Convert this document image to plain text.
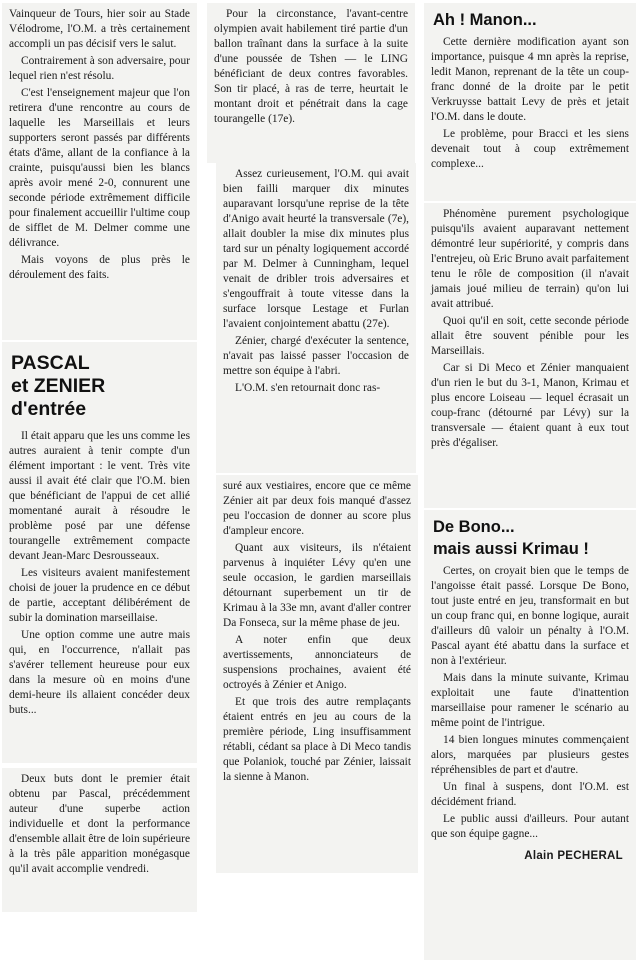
Vainqueur de Tours, hier soir au Stade Vélodrome, l'O.M. a très certainement accompli un pas décisif vers le salut.

Contrairement à son adversaire, pour lequel rien n'est résolu.

C'est l'enseignement majeur que l'on retirera d'une rencontre au cours de laquelle les Marseillais et leurs supporters seront passés par différents états d'âme, allant de la confiance à la crainte, puisqu'aussi bien les blancs après avoir mené 2-0, connurent une seconde période extrêmement difficile pour finalement accueillir l'ultime coup de sifflet de M. Delmer comme une délivrance.

Mais voyons de plus près le déroulement des faits.

PASCAL
et ZENIER
d'entrée

Il était apparu que les uns comme les autres auraient à tenir compte d'un élément important : le vent. Très vite aussi il avait été clair que l'O.M. bien que bénéficiant de l'appui de cet allié momentané aurait à résoudre le problème posé par une défense tourangelle extrêmement compacte devant Jean-Marc Desrousseaux.

Les visiteurs avaient manifestement choisi de jouer la prudence en ce début de partie, acceptant délibérément de subir la domination marseillaise.

Une option comme une autre mais qui, en l'occurrence, n'allait pas s'avérer tellement heureuse pour eux dans la mesure où en moins d'une demi-heure ils allaient concéder deux buts...

Deux buts dont le premier était obtenu par Pascal, précédemment auteur d'une superbe action individuelle et dont la performance d'ensemble allait être de loin supérieure à la très pâle apparition monégasque qu'il avait accomplie vendredi.

Pour la circonstance, l'avant-centre olympien avait habilement tiré partie d'un ballon traînant dans la surface à la suite d'une poussée de Tshen — le LING bénéficiant de deux contres favorables. Son tir placé, à ras de terre, heurtait le montant droit et pénétrait dans la cage tourangelle (17e).

Assez curieusement, l'O.M. qui avait bien failli marquer dix minutes auparavant lorsqu'une reprise de la tête d'Anigo avait heurté la transversale (7e), allait doubler la mise dix minutes plus tard sur un pénalty logiquement accordé par M. Delmer à Cunningham, lequel venait de dribler trois adversaires et s'engouffrait à toute vitesse dans la surface lorsque Lestage et Furlan l'avaient conjointement abattu (27e).

Zénier, chargé d'exécuter la sentence, n'avait pas laissé passer l'occasion de mettre son équipe à l'abri.

L'O.M. s'en retournait donc ras-

suré aux vestiaires, encore que ce même Zénier ait par deux fois manqué d'assez peu l'occasion de donner au score plus d'ampleur encore.

Quant aux visiteurs, ils n'étaient parvenus à inquiéter Lévy qu'en une seule occasion, le gardien marseillais détournant superbement un tir de Krimau à la 33e mn, avant d'aller contrer Da Fonseca, sur la même phase de jeu.

A noter enfin que deux avertissements, annonciateurs de suspensions prochaines, avaient été octroyés à Zénier et Anigo.

Et que trois des autre remplaçants étaient entrés en jeu au cours de la première période, Ling insuffisamment rétabli, cédant sa place à Di Meco tandis que Polaniok, touché par Zénier, laissait la sienne à Manon.

Ah ! Manon...

Cette dernière modification ayant son importance, puisque 4 mn après la reprise, ledit Manon, reprenant de la tête un coup-franc donné de la droite par le petit Verkruysse battait Levy de près et jetait l'O.M. dans le doute.

Le problème, pour Bracci et les siens devenait tout à coup extrêmement complexe...

Phénomène purement psychologique puisqu'ils avaient auparavant nettement démontré leur supériorité, y compris dans l'entrejeu, où Eric Bruno avait parfaitement tenu le rôle de composition (il n'avait jamais joué milieu de terrain) qu'on lui avait attribué.

Quoi qu'il en soit, cette seconde période allait être souvent pénible pour les Marseillais.

Car si Di Meco et Zénier manquaient d'un rien le but du 3-1, Manon, Krimau et plus encore Loiseau — lequel écrasait un coup-franc (détourné par Lévy) sur la transversale — étaient quant à eux tout près d'égaliser.

De Bono...
mais aussi Krimau !

Certes, on croyait bien que le temps de l'angoisse était passé. Lorsque De Bono, tout juste entré en jeu, transformait en but un coup franc qui, en bonne logique, aurait d'ailleurs dû valoir un pénalty à l'O.M. Pascal ayant été abattu dans la surface et non à l'extérieur.

Mais dans la minute suivante, Krimau exploitait une faute d'inattention marseillaise pour ramener le scénario au même point de l'intrigue.

14 bien longues minutes commençaient alors, marquées par plusieurs gestes répréhensibles de part et d'autre.

Un final à suspens, dont l'O.M. est décidément friand.

Le public aussi d'ailleurs. Pour autant que son équipe gagne...

Alain PECHERAL
